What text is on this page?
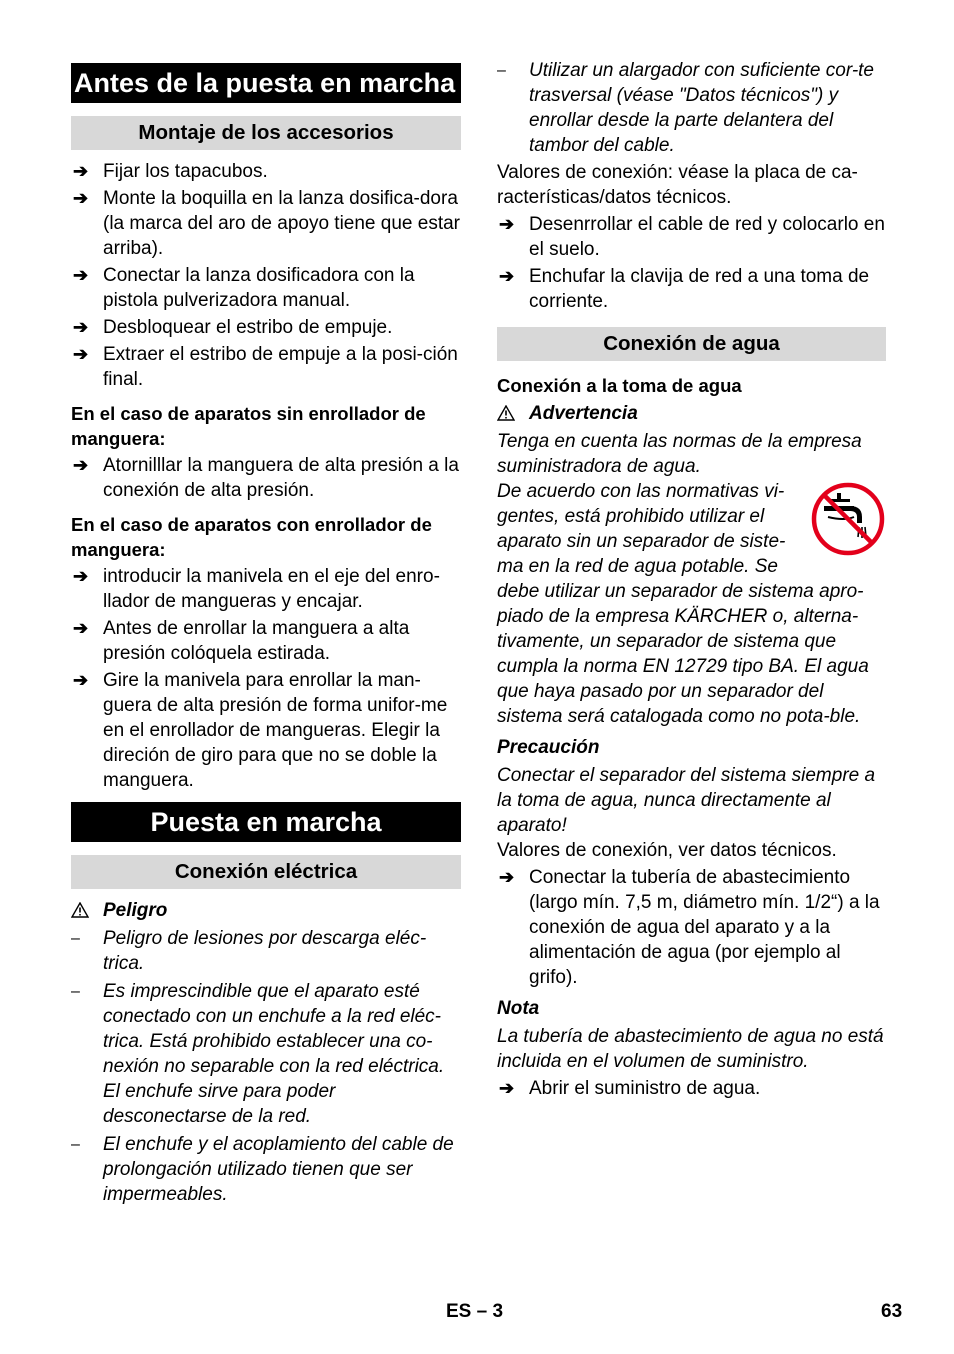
Antes de la puesta en marcha
Montaje de los accesorios
➔ Fijar los tapacubos.
➔ Monte la boquilla en la lanza dosifica-dora (la marca del aro de apoyo tiene que estar arriba).
➔ Conectar la lanza dosificadora con la pistola pulverizadora manual.
➔ Desbloquear el estribo de empuje.
➔ Extraer el estribo de empuje a la posi-ción final.
En el caso de aparatos sin enrollador de manguera:
➔ Atornilllar la manguera de alta presión a la conexión de alta presión.
En el caso de aparatos con enrollador de manguera:
➔ introducir la manivela en el eje del enro-llador de mangueras y encajar.
➔ Antes de enrollar la manguera a alta presión colóquela estirada.
➔ Gire la manivela para enrollar la man-guera de alta presión de forma unifor-me en el enrollador de mangueras. Elegir la direción de giro para que no se doble la manguera.
Puesta en marcha
Conexión eléctrica
Peligro
– Peligro de lesiones por descarga eléc-trica.
– Es imprescindible que el aparato esté conectado con un enchufe a la red eléc-trica. Está prohibido establecer una co-nexión no separable con la red eléctrica. El enchufe sirve para poder desconectarse de la red.
– El enchufe y el acoplamiento del cable de prolongación utilizado tienen que ser impermeables.
– Utilizar un alargador con suficiente cor-te trasversal (véase "Datos técnicos") y enrollar desde la parte delantera del tambor del cable.

Valores de conexión: véase la placa de ca-racterísticas/datos técnicos.

➔ Desenrrollar el cable de red y colocarlo en el suelo.
➔ Enchufar la clavija de red a una toma de corriente.
Conexión de agua
Conexión a la toma de agua
Advertencia

Tenga en cuenta las normas de la empresa suministradora de agua.

De acuerdo con las normativas vi-gentes, está prohibido utilizar el aparato sin un separador de siste-ma en la red de agua potable. Se debe utilizar un separador de sistema apro-piado de la empresa KÄRCHER o, alterna-tivamente, un separador de sistema que cumpla la norma EN 12729 tipo BA. El agua que haya pasado por un separador del sistema será catalogada como no pota-ble.

Precaución

Conectar el separador del sistema siempre a la toma de agua, nunca directamente al aparato!

Valores de conexión, ver datos técnicos.

➔ Conectar la tubería de abastecimiento (largo mín. 7,5 m, diámetro mín. 1/2“) a la conexión de agua del aparato y a la alimentación de agua (por ejemplo al grifo).
Nota

La tubería de abastecimiento de agua no está incluida en el volumen de suministro.

➔ Abrir el suministro de agua.
ES – 3	63
